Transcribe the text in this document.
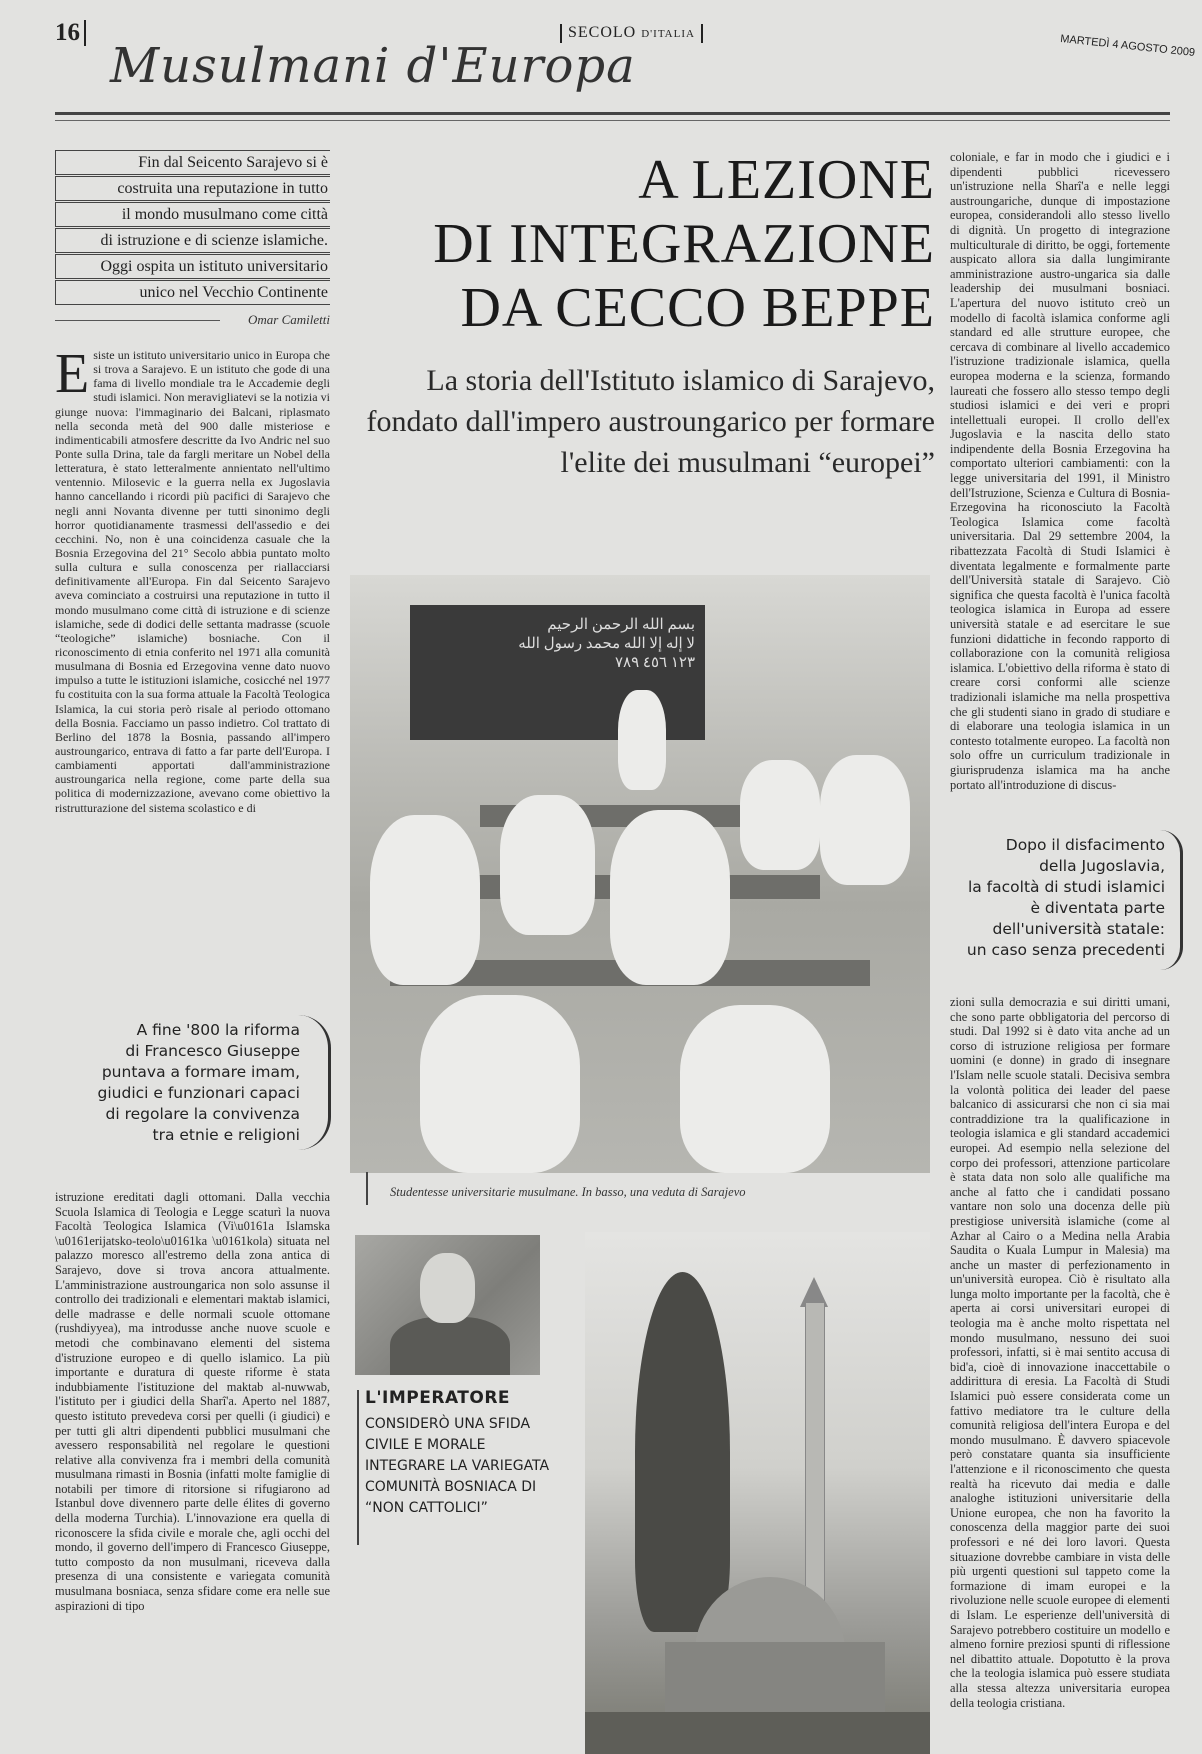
16
Musulmani d'Europa
SECOLO D'ITALIA	MARTEDÌ 4 AGOSTO 2009
Fin dal Seicento Sarajevo si è
costruita una reputazione in tutto
il mondo musulmano come città
di istruzione e di scienze islamiche.
Oggi ospita un istituto universitario
unico nel Vecchio Continente
Omar Camiletti
A LEZIONE
DI INTEGRAZIONE
DA CECCO BEPPE
La storia dell'Istituto islamico di Sarajevo, fondato dall'impero austroungarico per formare l'elite dei musulmani “europei”
Esiste un istituto universitario unico in Europa che si trova a Sarajevo. E un istituto che gode di una fama di livello mondiale tra le Accademie degli studi islamici. Non meravigliatevi se la notizia vi giunge nuova: l'immaginario dei Balcani, riplasmato nella seconda metà del 900 dalle misteriose e indimenticabili atmosfere descritte da Ivo Andric nel suo Ponte sulla Drina, tale da fargli meritare un Nobel della letteratura, è stato letteralmente annientato nell'ultimo ventennio. Milosevic e la guerra nella ex Jugoslavia hanno cancellando i ricordi più pacifici di Sarajevo che negli anni Novanta divenne per tutti sinonimo degli horror quotidianamente trasmessi dell'assedio e dei cecchini. No, non è una coincidenza casuale che la Bosnia Erzegovina del 21° Secolo abbia puntato molto sulla cultura e sulla conoscenza per riallacciarsi definitivamente all'Europa. Fin dal Seicento Sarajevo aveva cominciato a costruirsi una reputazione in tutto il mondo musulmano come città di istruzione e di scienze islamiche, sede di dodici delle settanta madrasse (scuole “teologiche” islamiche) bosniache. Con il riconoscimento di etnia conferito nel 1971 alla comunità musulmana di Bosnia ed Erzegovina venne dato nuovo impulso a tutte le istituzioni islamiche, cosicché nel 1977 fu costituita con la sua forma attuale la Facoltà Teologica Islamica, la cui storia però risale al periodo ottomano della Bosnia. Facciamo un passo indietro. Col trattato di Berlino del 1878 la Bosnia, passando all'impero austroungarico, entrava di fatto a far parte dell'Europa. I cambiamenti apportati dall'amministrazione austroungarica nella regione, come parte della sua politica di modernizzazione, avevano come obiettivo la ristrutturazione del sistema scolastico e di
A fine '800 la riforma
di Francesco Giuseppe
puntava a formare imam,
giudici e funzionari capaci
di regolare la convivenza
tra etnie e religioni
istruzione ereditati dagli ottomani. Dalla vecchia Scuola Islamica di Teologia e Legge scaturì la nuova Facoltà Teologica Islamica (Vi\u0161a Islamska \u0161erijatsko-teolo\u0161ka \u0161kola) situata nel palazzo moresco all'estremo della zona antica di Sarajevo, dove si trova ancora attualmente. L'amministrazione austroungarica non solo assunse il controllo dei tradizionali e elementari maktab islamici, delle madrasse e delle normali scuole ottomane (rushdiyyea), ma introdusse anche nuove scuole e metodi che combinavano elementi del sistema d'istruzione europeo e di quello islamico. La più importante e duratura di queste riforme è stata indubbiamente l'istituzione del maktab al-nuwwab, l'istituto per i giudici della Sharî'a. Aperto nel 1887, questo istituto prevedeva corsi per quelli (i giudici) e per tutti gli altri dipendenti pubblici musulmani che avessero responsabilità nel regolare le questioni relative alla convivenza fra i membri della comunità musulmana rimasti in Bosnia (infatti molte famiglie di notabili per timore di ritorsione si rifugiarono ad Istanbul dove divennero parte delle élites di governo della moderna Turchia). L'innovazione era quella di riconoscere la sfida civile e morale che, agli occhi del mondo, il governo dell'impero di Francesco Giuseppe, tutto composto da non musulmani, riceveva dalla presenza di una consistente e variegata comunità musulmana bosniaca, senza sfidare come era nelle sue aspirazioni di tipo
بسم الله الرحمن الرحيم
لا إله إلا الله محمد رسول الله
١٢٣ ٤٥٦ ٧٨٩
Studentesse universitarie musulmane. In basso, una veduta di Sarajevo
L'IMPERATORE
CONSIDERÒ UNA SFIDA CIVILE E MORALE INTEGRARE LA VARIEGATA COMUNITÀ BOSNIACA DI “NON CATTOLICI”
coloniale, e far in modo che i giudici e i dipendenti pubblici ricevessero un'istruzione nella Sharî'a e nelle leggi austroungariche, dunque di impostazione europea, considerandoli allo stesso livello di dignità. Un progetto di integrazione multiculturale di diritto, be oggi, fortemente auspicato allora sia dalla lungimirante amministrazione austro-ungarica sia dalle leadership dei musulmani bosniaci. L'apertura del nuovo istituto creò un modello di facoltà islamica conforme agli standard ed alle strutture europee, che cercava di combinare al livello accademico l'istruzione tradizionale islamica, quella europea moderna e la scienza, formando laureati che fossero allo stesso tempo degli studiosi islamici e dei veri e propri intellettuali europei. Il crollo dell'ex Jugoslavia e la nascita dello stato indipendente della Bosnia Erzegovina ha comportato ulteriori cambiamenti: con la legge universitaria del 1991, il Ministro dell'Istruzione, Scienza e Cultura di Bosnia-Erzegovina ha riconosciuto la Facoltà Teologica Islamica come facoltà universitaria. Dal 29 settembre 2004, la ribattezzata Facoltà di Studi Islamici è diventata legalmente e formalmente parte dell'Università statale di Sarajevo. Ciò significa che questa facoltà è l'unica facoltà teologica islamica in Europa ad essere università statale e ad esercitare le sue funzioni didattiche in fecondo rapporto di collaborazione con la comunità religiosa islamica. L'obiettivo della riforma è stato di creare corsi conformi alle scienze tradizionali islamiche ma nella prospettiva che gli studenti siano in grado di studiare e di elaborare una teologia islamica in un contesto totalmente europeo. La facoltà non solo offre un curriculum tradizionale in giurisprudenza islamica ma ha anche portato all'introduzione di discus-
Dopo il disfacimento
della Jugoslavia,
la facoltà di studi islamici
è diventata parte
dell'università statale:
un caso senza precedenti
zioni sulla democrazia e sui diritti umani, che sono parte obbligatoria del percorso di studi. Dal 1992 si è dato vita anche ad un corso di istruzione religiosa per formare uomini (e donne) in grado di insegnare l'Islam nelle scuole statali. Decisiva sembra la volontà politica dei leader del paese balcanico di assicurarsi che non ci sia mai contraddizione tra la qualificazione in teologia islamica e gli standard accademici europei. Ad esempio nella selezione del corpo dei professori, attenzione particolare è stata data non solo alle qualifiche ma anche al fatto che i candidati possano vantare non solo una docenza delle più prestigiose università islamiche (come al Azhar al Cairo o a Medina nella Arabia Saudita o Kuala Lumpur in Malesia) ma anche un master di perfezionamento in un'università europea. Ciò è risultato alla lunga molto importante per la facoltà, che è aperta ai corsi universitari europei di teologia ma è anche molto rispettata nel mondo musulmano, nessuno dei suoi professori, infatti, si è mai sentito accusa di bid'a, cioè di innovazione inaccettabile o addirittura di eresia. La Facoltà di Studi Islamici può essere considerata come un fattivo mediatore tra le culture della comunità religiosa dell'intera Europa e del mondo musulmano. È davvero spiacevole però constatare quanta sia insufficiente l'attenzione e il riconoscimento che questa realtà ha ricevuto dai media e dalle analoghe istituzioni universitarie della Unione europea, che non ha favorito la conoscenza della maggior parte dei suoi professori e né dei loro lavori. Questa situazione dovrebbe cambiare in vista delle più urgenti questioni sul tappeto come la formazione di imam europei e la rivoluzione nelle scuole europee di elementi di Islam. Le esperienze dell'università di Sarajevo potrebbero costituire un modello e almeno fornire preziosi spunti di riflessione nel dibattito attuale. Dopotutto è la prova che la teologia islamica può essere studiata alla stessa altezza universitaria europea della teologia cristiana.
